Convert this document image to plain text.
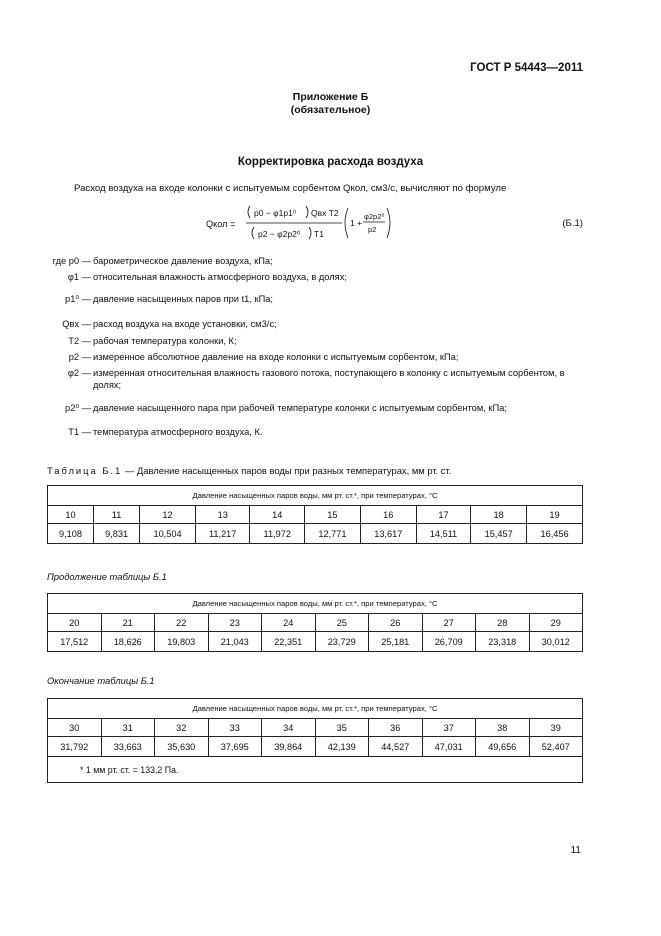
ГОСТ Р 54443—2011
Приложение Б
(обязательное)
Корректировка расхода воздуха
Расход воздуха на входе колонки с испытуемым сорбентом Qкол, см3/с, вычисляют по формуле
Qкол =
p0 − φ1p1⁰ Qвх T2
p2 − φ2p2⁰ T1
1 +
φ2p2⁰
p2
(Б.1)
где p0 — барометрическое давление воздуха, кПа;
φ1 — относительная влажность атмосферного воздуха, в долях;
p1⁰ — давление насыщенных паров при t1, кПа;
Qвх — расход воздуха на входе установки, см3/с;
T2 — рабочая температура колонки, К;
p2 — измеренное абсолютное давление на входе колонки с испытуемым сорбентом, кПа;
φ2 — измеренная относительная влажность газового потока, поступающего в колонку с испытуемым сорбентом, в долях;
p2⁰ — давление насыщенного пара при рабочей температуре колонки с испытуемым сорбентом, кПа;
T1 — температура атмосферного воздуха, К.
Таблица Б.1 — Давление насыщенных паров воды при разных температурах, мм рт. ст.
Давление насыщенных паров воды, мм рт. ст.*, при температурах, °С									
10	11	12	13	14	15	16	17	18	19
9,108	9,831	10,504	11,217	11,972	12,771	13,617	14,511	15,457	16,456
Продолжение таблицы Б.1
Давление насыщенных паров воды, мм рт. ст.*, при температурах, °С									
20	21	22	23	24	25	26	27	28	29
17,512	18,626	19,803	21,043	22,351	23,729	25,181	26,709	23,318	30,012
Окончание таблицы Б.1
Давление насыщенных паров воды, мм рт. ст.*, при температурах, °С									
30	31	32	33	34	35	36	37	38	39
31,792	33,663	35,630	37,695	39,864	42,139	44,527	47,031	49,656	52,407
* 1 мм рт. ст. = 133,2 Па.									
11
